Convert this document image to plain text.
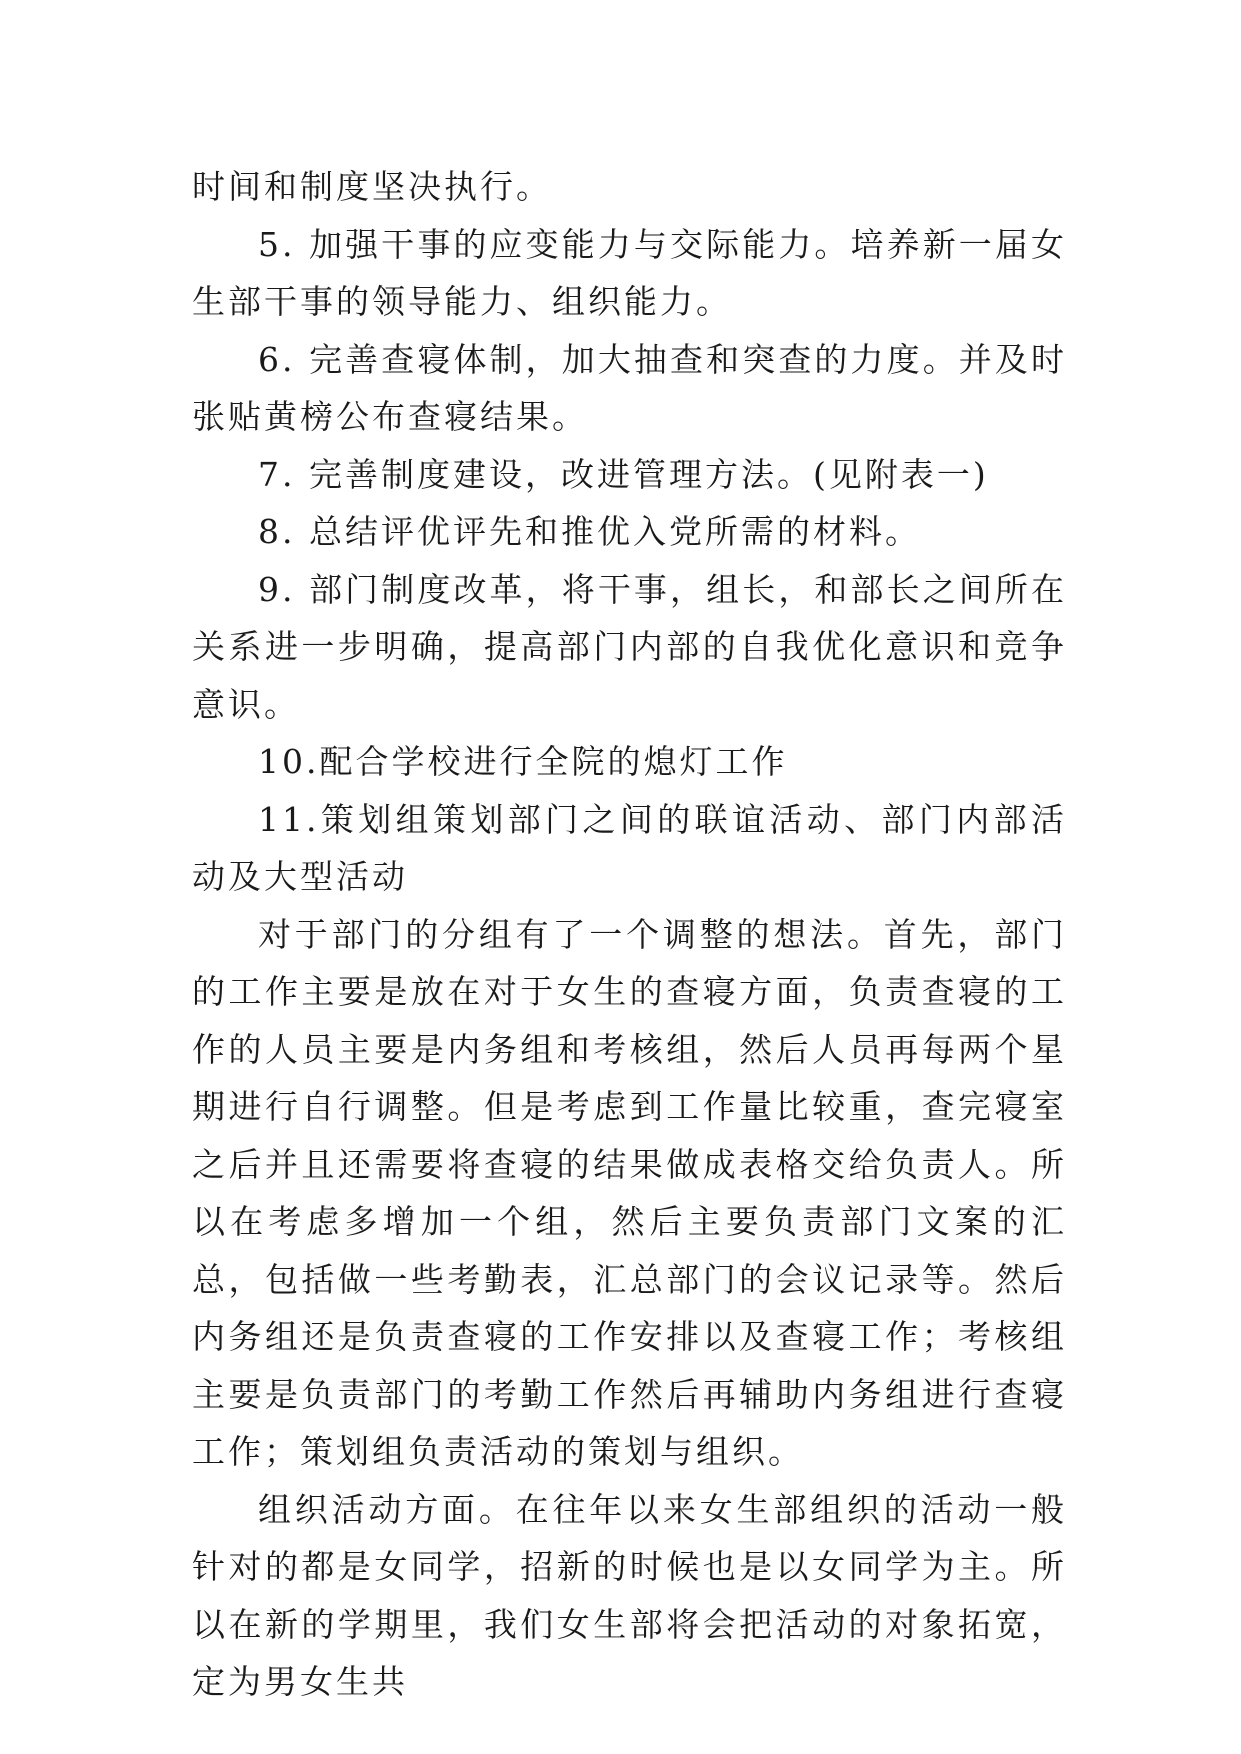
时间和制度坚决执行。

5. 加强干事的应变能力与交际能力。培养新一届女生部干事的领导能力、组织能力。

6. 完善查寝体制，加大抽查和突查的力度。并及时张贴黄榜公布查寝结果。

7. 完善制度建设，改进管理方法。(见附表一)

8. 总结评优评先和推优入党所需的材料。

9. 部门制度改革，将干事，组长，和部长之间所在关系进一步明确，提高部门内部的自我优化意识和竞争意识。

10.配合学校进行全院的熄灯工作

11.策划组策划部门之间的联谊活动、部门内部活动及大型活动

对于部门的分组有了一个调整的想法。首先，部门的工作主要是放在对于女生的查寝方面，负责查寝的工作的人员主要是内务组和考核组，然后人员再每两个星期进行自行调整。但是考虑到工作量比较重，查完寝室之后并且还需要将查寝的结果做成表格交给负责人。所以在考虑多增加一个组，然后主要负责部门文案的汇总，包括做一些考勤表，汇总部门的会议记录等。然后内务组还是负责查寝的工作安排以及查寝工作；考核组主要是负责部门的考勤工作然后再辅助内务组进行查寝工作；策划组负责活动的策划与组织。

组织活动方面。在往年以来女生部组织的活动一般针对的都是女同学，招新的时候也是以女同学为主。所以在新的学期里，我们女生部将会把活动的对象拓宽，定为男女生共
